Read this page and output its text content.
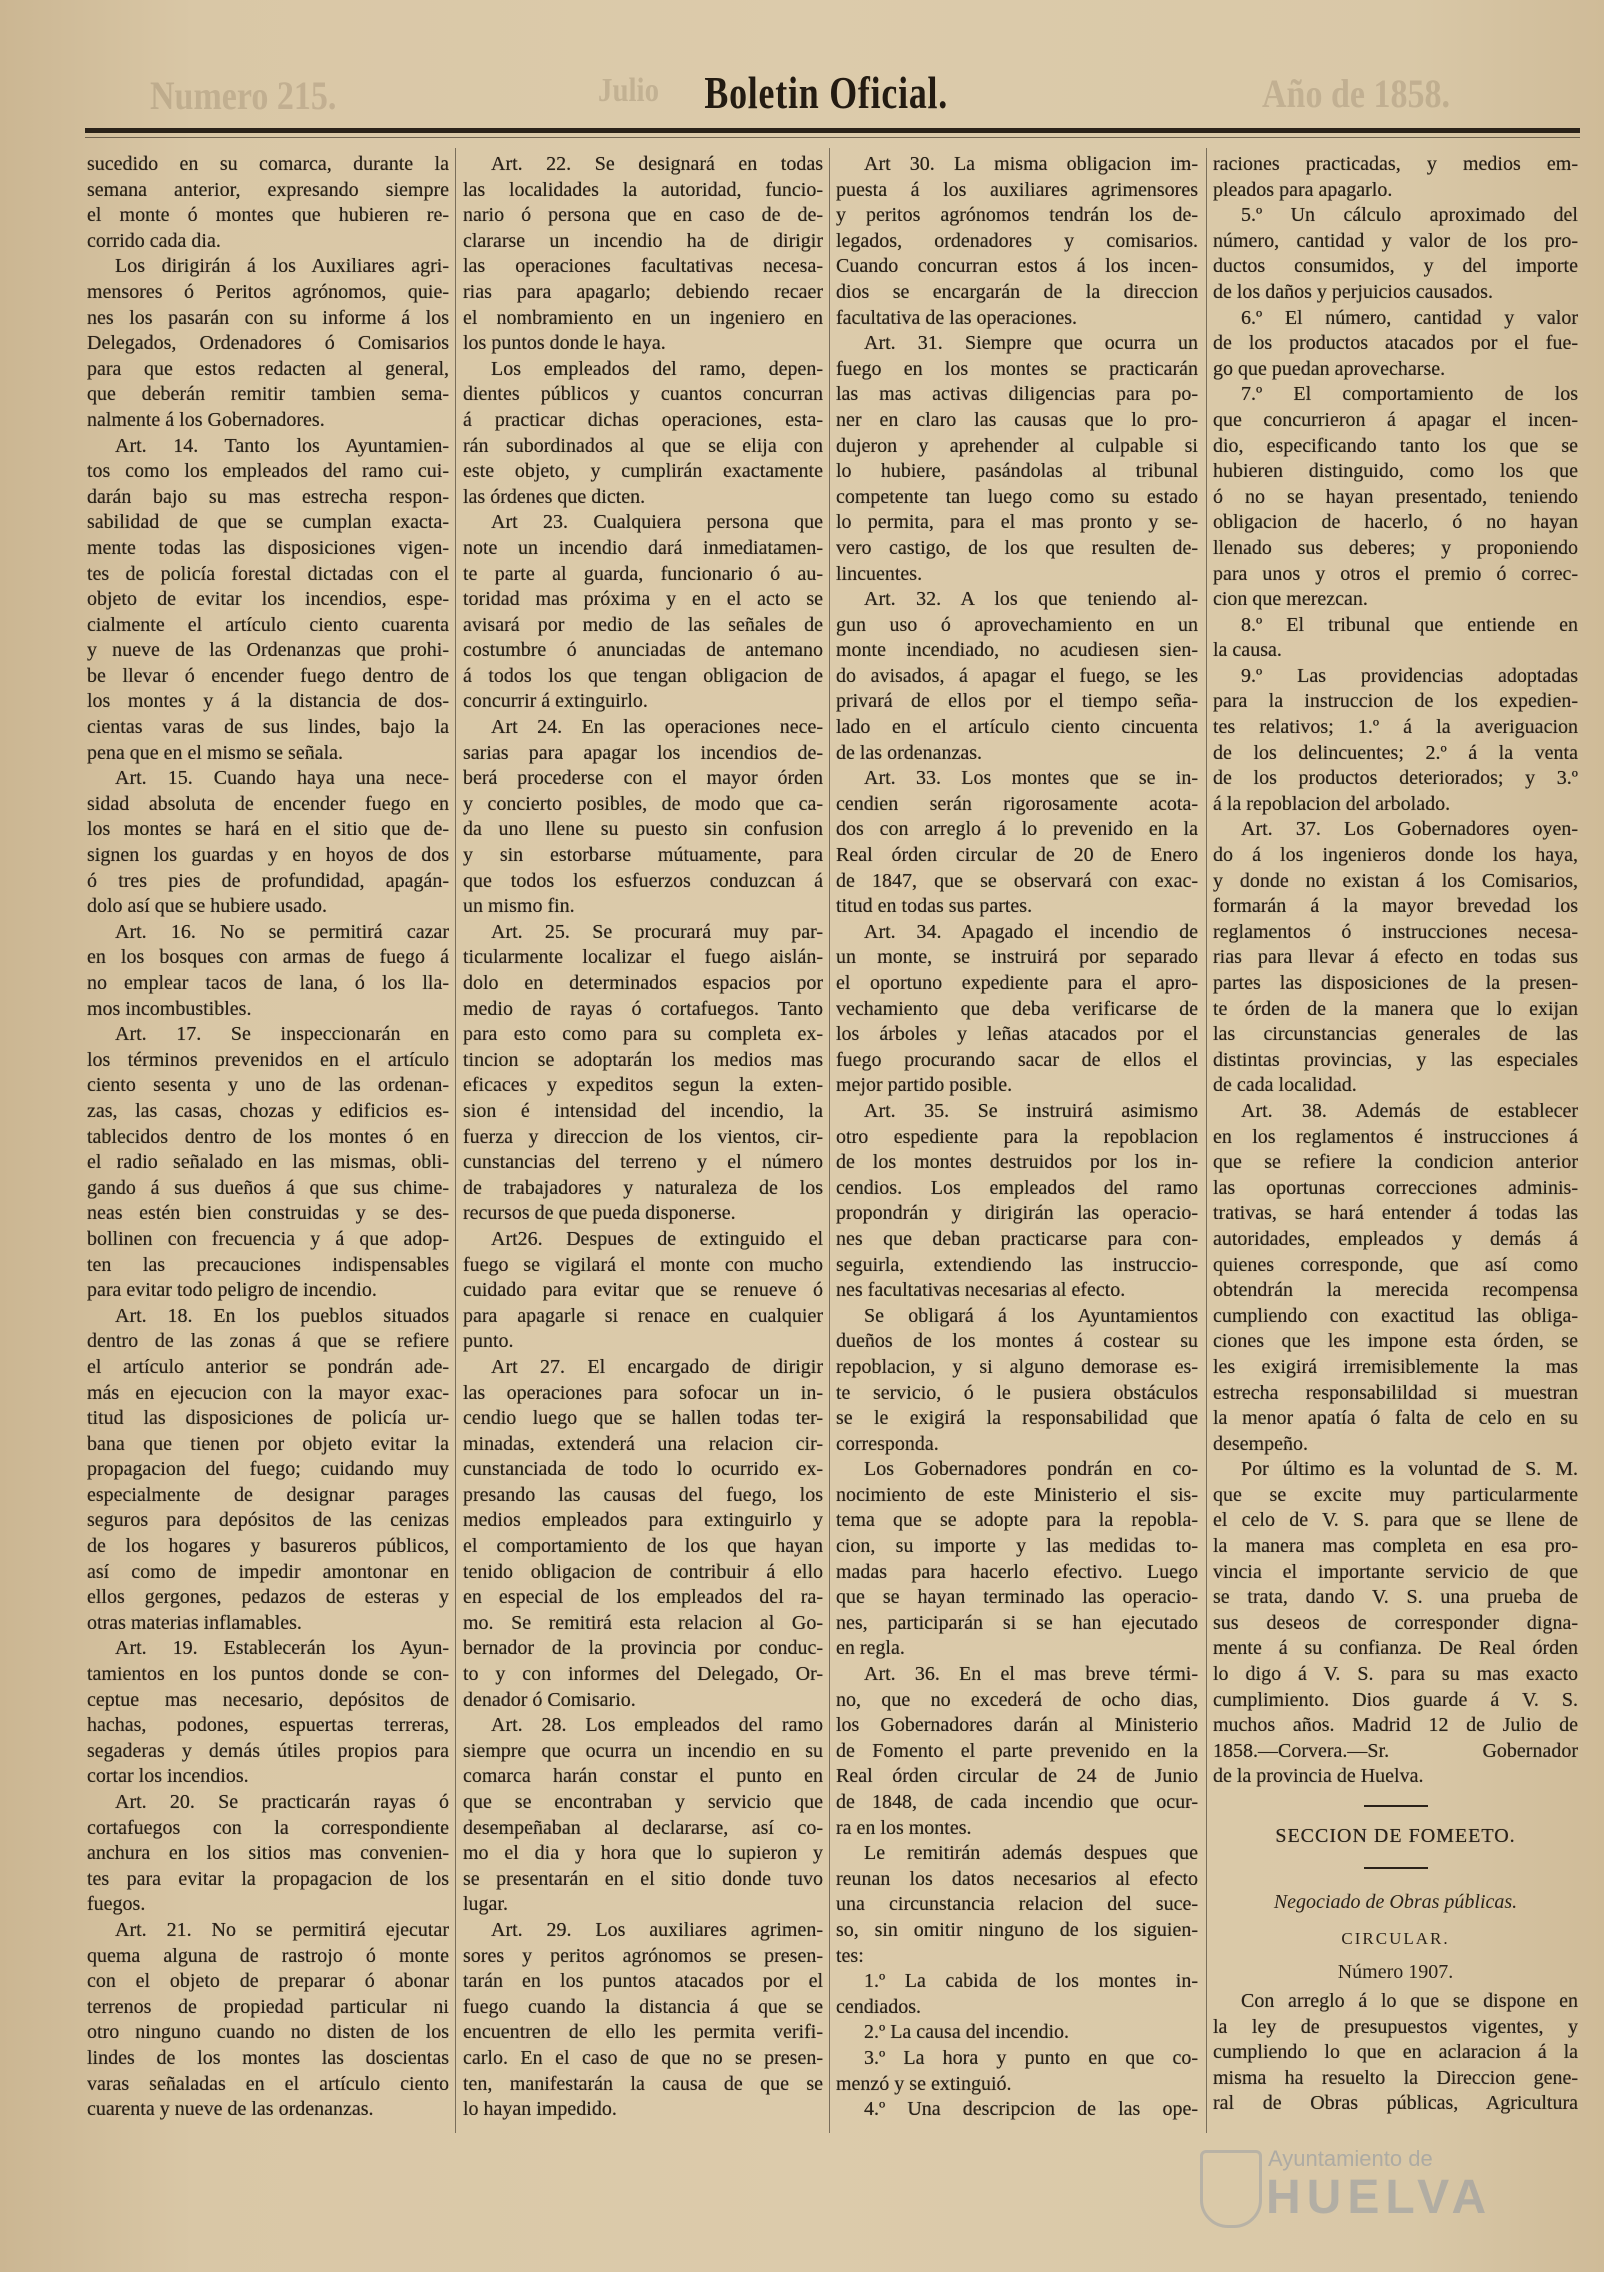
Numero 215.	Julio Boletin Oficial.	Año de 1858.
sucedido en su comarca, durante la
semana anterior, expresando siempre
el monte ó montes que hubieren re-
corrido cada dia.
Los dirigirán á los Auxiliares agri-
mensores ó Peritos agrónomos, quie-
nes los pasarán con su informe á los
Delegados, Ordenadores ó Comisarios
para que estos redacten al general,
que deberán remitir tambien sema-
nalmente á los Gobernadores.
Art. 14. Tanto los Ayuntamien-
tos como los empleados del ramo cui-
darán bajo su mas estrecha respon-
sabilidad de que se cumplan exacta-
mente todas las disposiciones vigen-
tes de policía forestal dictadas con el
objeto de evitar los incendios, espe-
cialmente el artículo ciento cuarenta
y nueve de las Ordenanzas que prohi-
be llevar ó encender fuego dentro de
los montes y á la distancia de dos-
cientas varas de sus lindes, bajo la
pena que en el mismo se señala.
Art. 15. Cuando haya una nece-
sidad absoluta de encender fuego en
los montes se hará en el sitio que de-
signen los guardas y en hoyos de dos
ó tres pies de profundidad, apagán-
dolo así que se hubiere usado.
Art. 16. No se permitirá cazar
en los bosques con armas de fuego á
no emplear tacos de lana, ó los lla-
mos incombustibles.
Art. 17. Se inspeccionarán en
los términos prevenidos en el artículo
ciento sesenta y uno de las ordenan-
zas, las casas, chozas y edificios es-
tablecidos dentro de los montes ó en
el radio señalado en las mismas, obli-
gando á sus dueños á que sus chime-
neas estén bien construidas y se des-
bollinen con frecuencia y á que adop-
ten las precauciones indispensables
para evitar todo peligro de incendio.
Art. 18. En los pueblos situados
dentro de las zonas á que se refiere
el artículo anterior se pondrán ade-
más en ejecucion con la mayor exac-
titud las disposiciones de policía ur-
bana que tienen por objeto evitar la
propagacion del fuego; cuidando muy
especialmente de designar parages
seguros para depósitos de las cenizas
de los hogares y basureros públicos,
así como de impedir amontonar en
ellos gergones, pedazos de esteras y
otras materias inflamables.
Art. 19. Establecerán los Ayun-
tamientos en los puntos donde se con-
ceptue mas necesario, depósitos de
hachas, podones, espuertas terreras,
segaderas y demás útiles propios para
cortar los incendios.
Art. 20. Se practicarán rayas ó
cortafuegos con la correspondiente
anchura en los sitios mas convenien-
tes para evitar la propagacion de los
fuegos.
Art. 21. No se permitirá ejecutar
quema alguna de rastrojo ó monte
con el objeto de preparar ó abonar
terrenos de propiedad particular ni
otro ninguno cuando no disten de los
lindes de los montes las doscientas
varas señaladas en el artículo ciento
cuarenta y nueve de las ordenanzas.
Art. 22. Se designará en todas
las localidades la autoridad, funcio-
nario ó persona que en caso de de-
clararse un incendio ha de dirigir
las operaciones facultativas necesa-
rias para apagarlo; debiendo recaer
el nombramiento en un ingeniero en
los puntos donde le haya.
Los empleados del ramo, depen-
dientes públicos y cuantos concurran
á practicar dichas operaciones, esta-
rán subordinados al que se elija con
este objeto, y cumplirán exactamente
las órdenes que dicten.
Art 23. Cualquiera persona que
note un incendio dará inmediatamen-
te parte al guarda, funcionario ó au-
toridad mas próxima y en el acto se
avisará por medio de las señales de
costumbre ó anunciadas de antemano
á todos los que tengan obligacion de
concurrir á extinguirlo.
Art 24. En las operaciones nece-
sarias para apagar los incendios de-
berá procederse con el mayor órden
y concierto posibles, de modo que ca-
da uno llene su puesto sin confusion
y sin estorbarse mútuamente, para
que todos los esfuerzos conduzcan á
un mismo fin.
Art. 25. Se procurará muy par-
ticularmente localizar el fuego aislán-
dolo en determinados espacios por
medio de rayas ó cortafuegos. Tanto
para esto como para su completa ex-
tincion se adoptarán los medios mas
eficaces y expeditos segun la exten-
sion é intensidad del incendio, la
fuerza y direccion de los vientos, cir-
cunstancias del terreno y el número
de trabajadores y naturaleza de los
recursos de que pueda disponerse.
Art26. Despues de extinguido el
fuego se vigilará el monte con mucho
cuidado para evitar que se renueve ó
para apagarle si renace en cualquier
punto.
Art 27. El encargado de dirigir
las operaciones para sofocar un in-
cendio luego que se hallen todas ter-
minadas, extenderá una relacion cir-
cunstanciada de todo lo ocurrido ex-
presando las causas del fuego, los
medios empleados para extinguirlo y
el comportamiento de los que hayan
tenido obligacion de contribuir á ello
en especial de los empleados del ra-
mo. Se remitirá esta relacion al Go-
bernador de la provincia por conduc-
to y con informes del Delegado, Or-
denador ó Comisario.
Art. 28. Los empleados del ramo
siempre que ocurra un incendio en su
comarca harán constar el punto en
que se encontraban y servicio que
desempeñaban al declararse, así co-
mo el dia y hora que lo supieron y
se presentarán en el sitio donde tuvo
lugar.
Art. 29. Los auxiliares agrimen-
sores y peritos agrónomos se presen-
tarán en los puntos atacados por el
fuego cuando la distancia á que se
encuentren de ello les permita verifi-
carlo. En el caso de que no se presen-
ten, manifestarán la causa de que se
lo hayan impedido.
Art 30. La misma obligacion im-
puesta á los auxiliares agrimensores
y peritos agrónomos tendrán los de-
legados, ordenadores y comisarios.
Cuando concurran estos á los incen-
dios se encargarán de la direccion
facultativa de las operaciones.
Art. 31. Siempre que ocurra un
fuego en los montes se practicarán
las mas activas diligencias para po-
ner en claro las causas que lo pro-
dujeron y aprehender al culpable si
lo hubiere, pasándolas al tribunal
competente tan luego como su estado
lo permita, para el mas pronto y se-
vero castigo, de los que resulten de-
lincuentes.
Art. 32. A los que teniendo al-
gun uso ó aprovechamiento en un
monte incendiado, no acudiesen sien-
do avisados, á apagar el fuego, se les
privará de ellos por el tiempo seña-
lado en el artículo ciento cincuenta
de las ordenanzas.
Art. 33. Los montes que se in-
cendien serán rigorosamente acota-
dos con arreglo á lo prevenido en la
Real órden circular de 20 de Enero
de 1847, que se observará con exac-
titud en todas sus partes.
Art. 34. Apagado el incendio de
un monte, se instruirá por separado
el oportuno expediente para el apro-
vechamiento que deba verificarse de
los árboles y leñas atacados por el
fuego procurando sacar de ellos el
mejor partido posible.
Art. 35. Se instruirá asimismo
otro espediente para la repoblacion
de los montes destruidos por los in-
cendios. Los empleados del ramo
propondrán y dirigirán las operacio-
nes que deban practicarse para con-
seguirla, extendiendo las instruccio-
nes facultativas necesarias al efecto.
Se obligará á los Ayuntamientos
dueños de los montes á costear su
repoblacion, y si alguno demorase es-
te servicio, ó le pusiera obstáculos
se le exigirá la responsabilidad que
corresponda.
Los Gobernadores pondrán en co-
nocimiento de este Ministerio el sis-
tema que se adopte para la repobla-
cion, su importe y las medidas to-
madas para hacerlo efectivo. Luego
que se hayan terminado las operacio-
nes, participarán si se han ejecutado
en regla.
Art. 36. En el mas breve térmi-
no, que no excederá de ocho dias,
los Gobernadores darán al Ministerio
de Fomento el parte prevenido en la
Real órden circular de 24 de Junio
de 1848, de cada incendio que ocur-
ra en los montes.
Le remitirán además despues que
reunan los datos necesarios al efecto
una circunstancia relacion del suce-
so, sin omitir ninguno de los siguien-
tes:
1.º La cabida de los montes in-
cendiados.
2.º La causa del incendio.
3.º La hora y punto en que co-
menzó y se extinguió.
4.º Una descripcion de las ope-
raciones practicadas, y medios em-
pleados para apagarlo.
5.º Un cálculo aproximado del
número, cantidad y valor de los pro-
ductos consumidos, y del importe
de los daños y perjuicios causados.
6.º El número, cantidad y valor
de los productos atacados por el fue-
go que puedan aprovecharse.
7.º El comportamiento de los
que concurrieron á apagar el incen-
dio, especificando tanto los que se
hubieren distinguido, como los que
ó no se hayan presentado, teniendo
obligacion de hacerlo, ó no hayan
llenado sus deberes; y proponiendo
para unos y otros el premio ó correc-
cion que merezcan.
8.º El tribunal que entiende en
la causa.
9.º Las providencias adoptadas
para la instruccion de los expedien-
tes relativos; 1.º á la averiguacion
de los delincuentes; 2.º á la venta
de los productos deteriorados; y 3.º
á la repoblacion del arbolado.
Art. 37. Los Gobernadores oyen-
do á los ingenieros donde los haya,
y donde no existan á los Comisarios,
formarán á la mayor brevedad los
reglamentos ó instrucciones necesa-
rias para llevar á efecto en todas sus
partes las disposiciones de la presen-
te órden de la manera que lo exijan
las circunstancias generales de las
distintas provincias, y las especiales
de cada localidad.
Art. 38. Además de establecer
en los reglamentos é instrucciones á
que se refiere la condicion anterior
las oportunas correcciones adminis-
trativas, se hará entender á todas las
autoridades, empleados y demás á
quienes corresponde, que así como
obtendrán la merecida recompensa
cumpliendo con exactitud las obliga-
ciones que les impone esta órden, se
les exigirá irremisiblemente la mas
estrecha responsabilildad si muestran
la menor apatía ó falta de celo en su
desempeño.
Por último es la voluntad de S. M.
que se excite muy particularmente
el celo de V. S. para que se llene de
la manera mas completa en esa pro-
vincia el importante servicio de que
se trata, dando V. S. una prueba de
sus deseos de corresponder digna-
mente á su confianza. De Real órden
lo digo á V. S. para su mas exacto
cumplimiento. Dios guarde á V. S.
muchos años. Madrid 12 de Julio de
1858.—Corvera.—Sr. Gobernador
de la provincia de Huelva.
SECCION DE FOMEETO.
Negociado de Obras públicas.
CIRCULAR.
Número 1907.
Con arreglo á lo que se dispone en
la ley de presupuestos vigentes, y
cumpliendo lo que en aclaracion á la
misma ha resuelto la Direccion gene-
ral de Obras públicas, Agricultura
Ayuntamiento de
HUELVA
